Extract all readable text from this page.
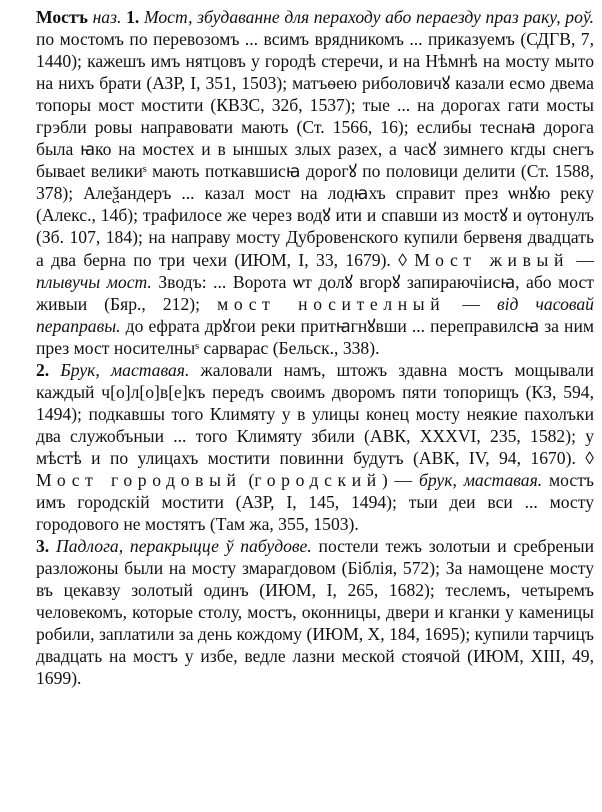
Мостъ наз. 1. Мост, збудаванне для пераходу або пераезду праз раку, роў. по мостомъ по перевозомъ ... всимъ врядникомъ ... приказуемъ (СДГВ, 7, 1440); кажешъ имъ нятцовъ у городѣ стеречи, и на Нѣмнѣ на мосту мыто на нихъ брати (АЗР, I, 351, 1503); матъѳею риболовичꙋ казали есмо двема топоры мост мостити (КВЗС, 32б, 1537); тые ... на дорогах гати мосты грэбли ровы направовати мають (Ст. 1566, 16); еслибы теснаꙗ дорога была ꙗко на мостех и в ыншых злых разех, а часꙋ зимнего кгды снегъ бываеt великиˢ мають поткавшисꙗ дорогꙋ по половици делити (Ст. 1588, 378); Алеѯандеръ ... казал мост на лодꙗхъ справит през ѡнꙋю реку (Алекс., 14б); трафилосе же через водꙋ ити и спавши из мостꙋ и ѹтонулъ (Зб. 107, 184); на направу мосту Дубровенского купили бервеня двадцать а два берна по три чехи (ИЮМ, I, 33, 1679). ◊ Мост живый — плывучы мост. Зводъ: ... Ворота ѡт долꙋ вгорꙋ запираючіисꙗ, або мост живыи (Бяр., 212); мост носителный — від часовай пераправы. до ефрата дрꙋгои реки притꙗгнꙋвши ... переправилсꙗ за ним през мост носителныˢ сарварас (Бельск., 338).

2. Брук, маставая. жаловали намъ, штожъ здавна мостъ мощывали каждый ч[о]л[о]в[е]къ передъ своимъ дворомъ пяти топорищъ (КЗ, 594, 1494); подкавшы того Климяту у в улицы конец мосту неякие пахолъки два служобъныи ... того Климяту збили (АВК, XXXVI, 235, 1582); у мѣстѣ и по улицахъ мостити повинни будутъ (АВК, IV, 94, 1670). ◊ Мост городовый (городский) — брук, маставая. мостъ имъ городскій мостити (АЗР, I, 145, 1494); тыи деи вси ... мосту городового не мостятъ (Там жа, 355, 1503).

3. Падлога, перакрыцце ў пабудове. постели тежъ золотыи и сребреныи разложоны были на мосту змарагдовом (Біблія, 572); За намощене мосту въ цекавзу золотый одинъ (ИЮМ, I, 265, 1682); теслемъ, четыремъ человекомъ, которые столу, мостъ, оконницы, двери и кганки у каменицы робили, заплатили за день кождому (ИЮМ, X, 184, 1695); купили тарчицъ двадцать на мостъ у избе, ведле лазни меской стоячой (ИЮМ, XIII, 49, 1699).
